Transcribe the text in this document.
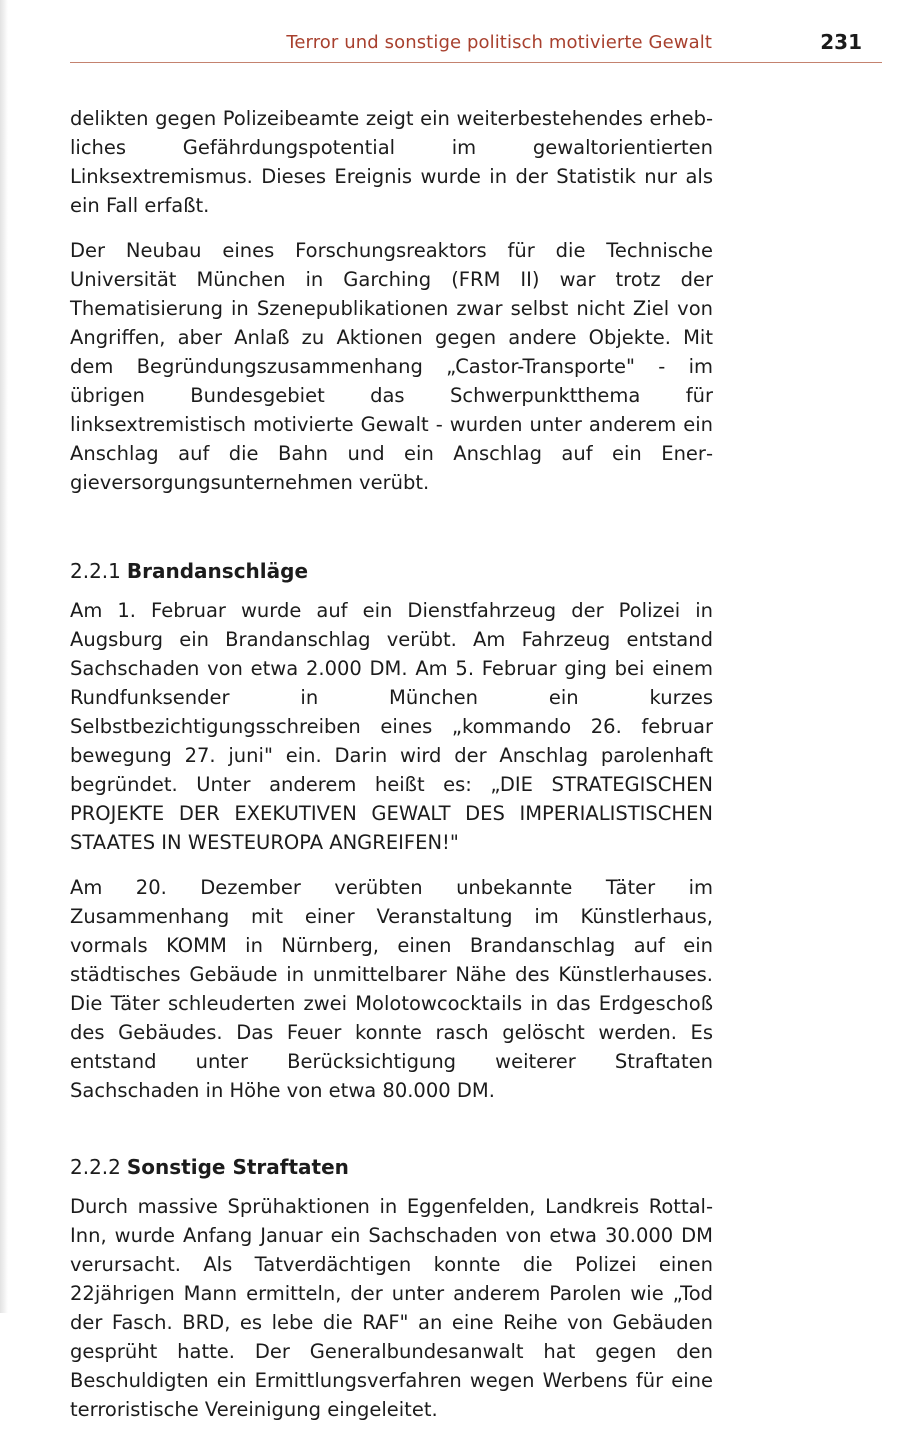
Terror und sonstige politisch motivierte Gewalt	231

delikten gegen Polizeibeamte zeigt ein weiterbestehendes erhebliches Gefährdungspotential im gewaltorientierten Linksextremismus. Dieses Ereignis wurde in der Statistik nur als ein Fall erfaßt.

Der Neubau eines Forschungsreaktors für die Technische Universität München in Garching (FRM II) war trotz der Thematisierung in Szenepublikationen zwar selbst nicht Ziel von Angriffen, aber Anlaß zu Aktionen gegen andere Objekte. Mit dem Begründungszusammenhang „Castor-Transporte" - im übrigen Bundesgebiet das Schwerpunktthema für linksextremistisch motivierte Gewalt - wurden unter anderem ein Anschlag auf die Bahn und ein Anschlag auf ein Energieversorgungsunternehmen verübt.

2.2.1 Brandanschläge

Am 1. Februar wurde auf ein Dienstfahrzeug der Polizei in Augsburg ein Brandanschlag verübt. Am Fahrzeug entstand Sachschaden von etwa 2.000 DM. Am 5. Februar ging bei einem Rundfunksender in München ein kurzes Selbstbezichtigungsschreiben eines „kommando 26. februar bewegung 27. juni" ein. Darin wird der Anschlag parolenhaft begründet. Unter anderem heißt es: „DIE STRATEGISCHEN PROJEKTE DER EXEKUTIVEN GEWALT DES IMPERIALISTISCHEN STAATES IN WESTEUROPA ANGREIFEN!"

Am 20. Dezember verübten unbekannte Täter im Zusammenhang mit einer Veranstaltung im Künstlerhaus, vormals KOMM in Nürnberg, einen Brandanschlag auf ein städtisches Gebäude in unmittelbarer Nähe des Künstlerhauses. Die Täter schleuderten zwei Molotowcocktails in das Erdgeschoß des Gebäudes. Das Feuer konnte rasch gelöscht werden. Es entstand unter Berücksichtigung weiterer Straftaten Sachschaden in Höhe von etwa 80.000 DM.

2.2.2 Sonstige Straftaten

Durch massive Sprühaktionen in Eggenfelden, Landkreis Rottal-Inn, wurde Anfang Januar ein Sachschaden von etwa 30.000 DM verursacht. Als Tatverdächtigen konnte die Polizei einen 22jährigen Mann ermitteln, der unter anderem Parolen wie „Tod der Fasch. BRD, es lebe die RAF" an eine Reihe von Gebäuden gesprüht hatte. Der Generalbundesanwalt hat gegen den Beschuldigten ein Ermittlungsverfahren wegen Werbens für eine terroristische Vereinigung eingeleitet.
